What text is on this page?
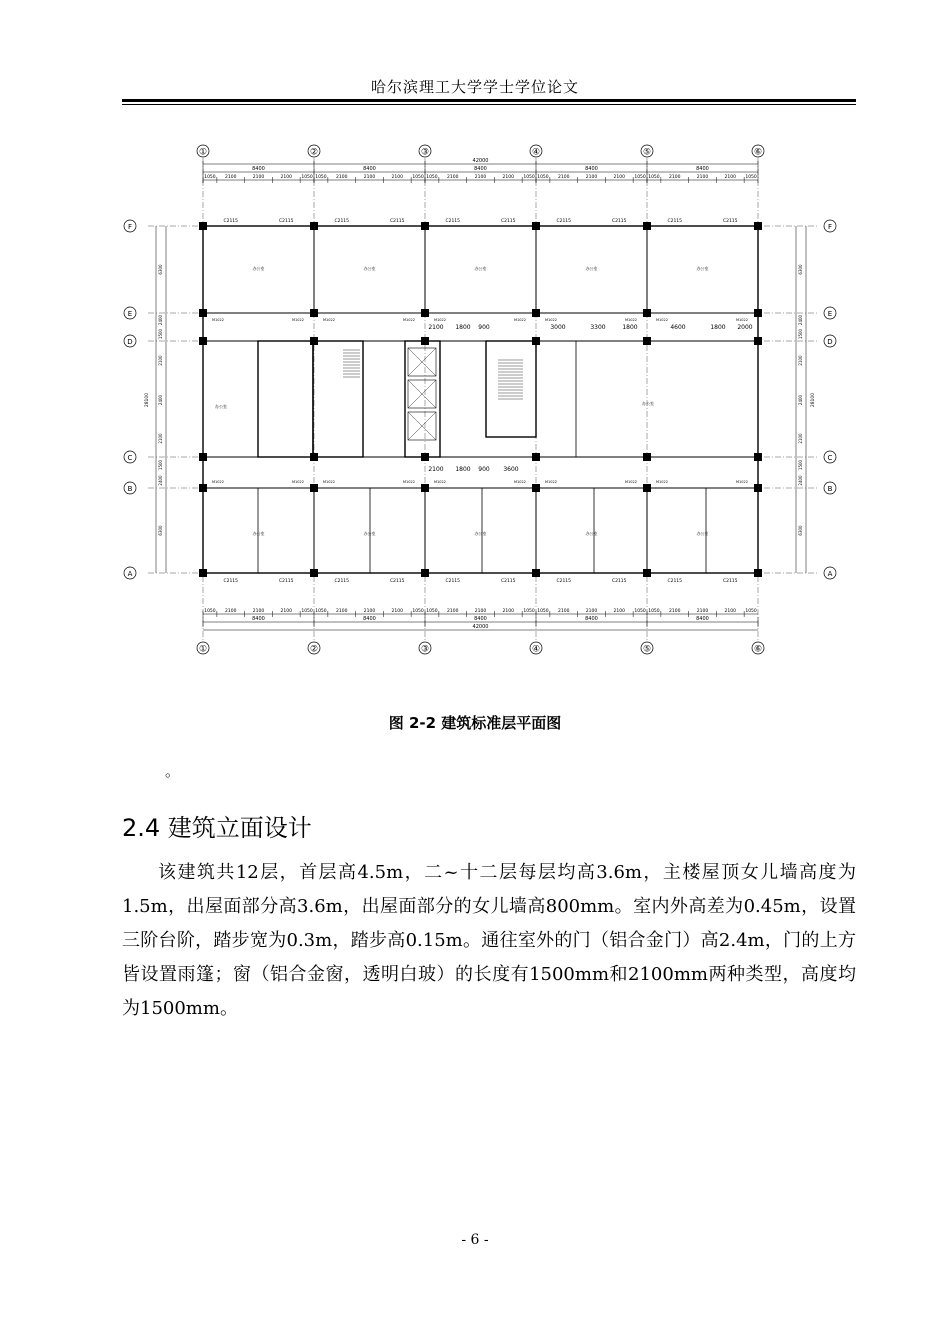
哈尔滨理工大学学士学位论文
①
①
②
②
③
③
④
④
⑤
⑤
⑥
⑥
F	F
E	E
D	D
C	C
B	B
A	A
42000
8400
1050 2100	2100	2100 1050
8400
1050 2100	2100	2100 1050
8400
1050 2100	2100	2100 1050
8400
1050 2100	2100	2100 1050
8400
1050 2100	2100	2100 1050
42000
8400
1050 2100	2100	2100 1050
8400
1050 2100	2100	2100 1050
8400
1050 2100	2100	2100 1050
8400
1050 2100	2100	2100 1050
8400
1050 2100	2100	2100 1050
28100	28100
6300	6300
2400	2400
1500	1500
2100	2100
2400	2400
2100	2100
1500	1500
2400	2400
6300	6300
C2115
C2115
C2115
C2115
办公室
办公室
M1022	M1022
M1022	M1022
C2115
C2115
C2115
C2115
办公室
办公室
M1022	M1022
M1022	M1022
C2115
C2115
C2115
C2115
办公室
办公室
M1022	M1022
M1022	M1022
C2115
C2115
C2115
C2115
办公室
办公室
M1022	M1022
M1022	M1022
C2115
C2115
C2115
C2115
办公室
办公室
M1022	M1022
M1022	M1022
办公室
办公室
2100 1800 900	3000	3300	1800	4600	1800 2000
2100 1800 900 3600
图 2-2 建筑标准层平面图
。
2.4 建筑立面设计
该建筑共12层，首层高4.5m，二~十二层每层均高3.6m，主楼屋顶女儿墙高度为1.5m，出屋面部分高3.6m，出屋面部分的女儿墙高800mm。室内外高差为0.45m，设置三阶台阶，踏步宽为0.3m，踏步高0.15m。通往室外的门（铝合金门）高2.4m，门的上方皆设置雨篷；窗（铝合金窗，透明白玻）的长度有1500mm和2100mm两种类型，高度均为1500mm。
- 6 -
